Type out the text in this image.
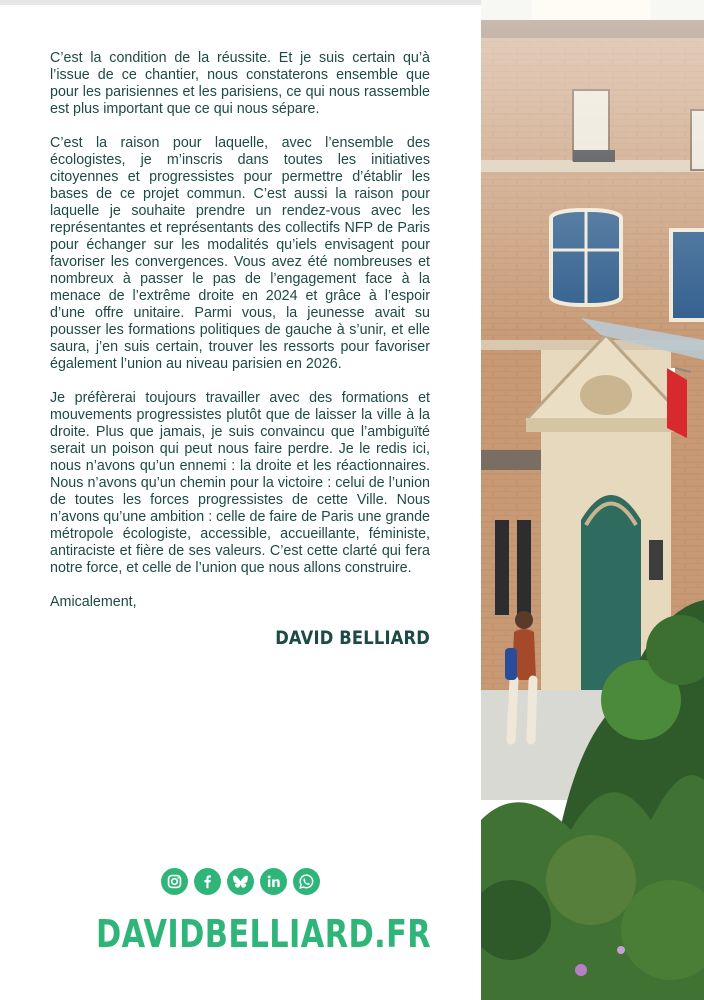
C’est la condition de la réussite. Et je suis certain qu’à l’issue de ce chantier, nous constaterons ensemble que pour les parisiennes et les parisiens, ce qui nous rassemble est plus important que ce qui nous sépare.

C’est la raison pour laquelle, avec l’ensemble des écologistes, je m’inscris dans toutes les initiatives citoyennes et progressistes pour permettre d’établir les bases de ce projet commun. C’est aussi la raison pour laquelle je souhaite prendre un rendez-vous avec les représentantes et représentants des collectifs NFP de Paris pour échanger sur les modalités qu’iels envisagent pour favoriser les convergences. Vous avez été nombreuses et nombreux à passer le pas de l’engagement face à la menace de l’extrême droite en 2024 et grâce à l’espoir d’une offre unitaire. Parmi vous, la jeunesse avait su pousser les formations politiques de gauche à s’unir, et elle saura, j’en suis certain, trouver les ressorts pour favoriser également l’union au niveau parisien en 2026.

Je préfèrerai toujours travailler avec des formations et mouvements progressistes plutôt que de laisser la ville à la droite. Plus que jamais, je suis convaincu que l’ambiguïté serait un poison qui peut nous faire perdre. Je le redis ici, nous n’avons qu’un ennemi : la droite et les réactionnaires. Nous n’avons qu’un chemin pour la victoire : celui de l’union de toutes les forces progressistes de cette Ville. Nous n’avons qu’une ambition : celle de faire de Paris une grande métropole écologiste, accessible, accueillante, féministe, antiraciste et fière de ses valeurs. C’est cette clarté qui fera notre force, et celle de l’union que nous allons construire.

Amicalement,
DAVID BELLIARD
DAVIDBELLIARD.FR
